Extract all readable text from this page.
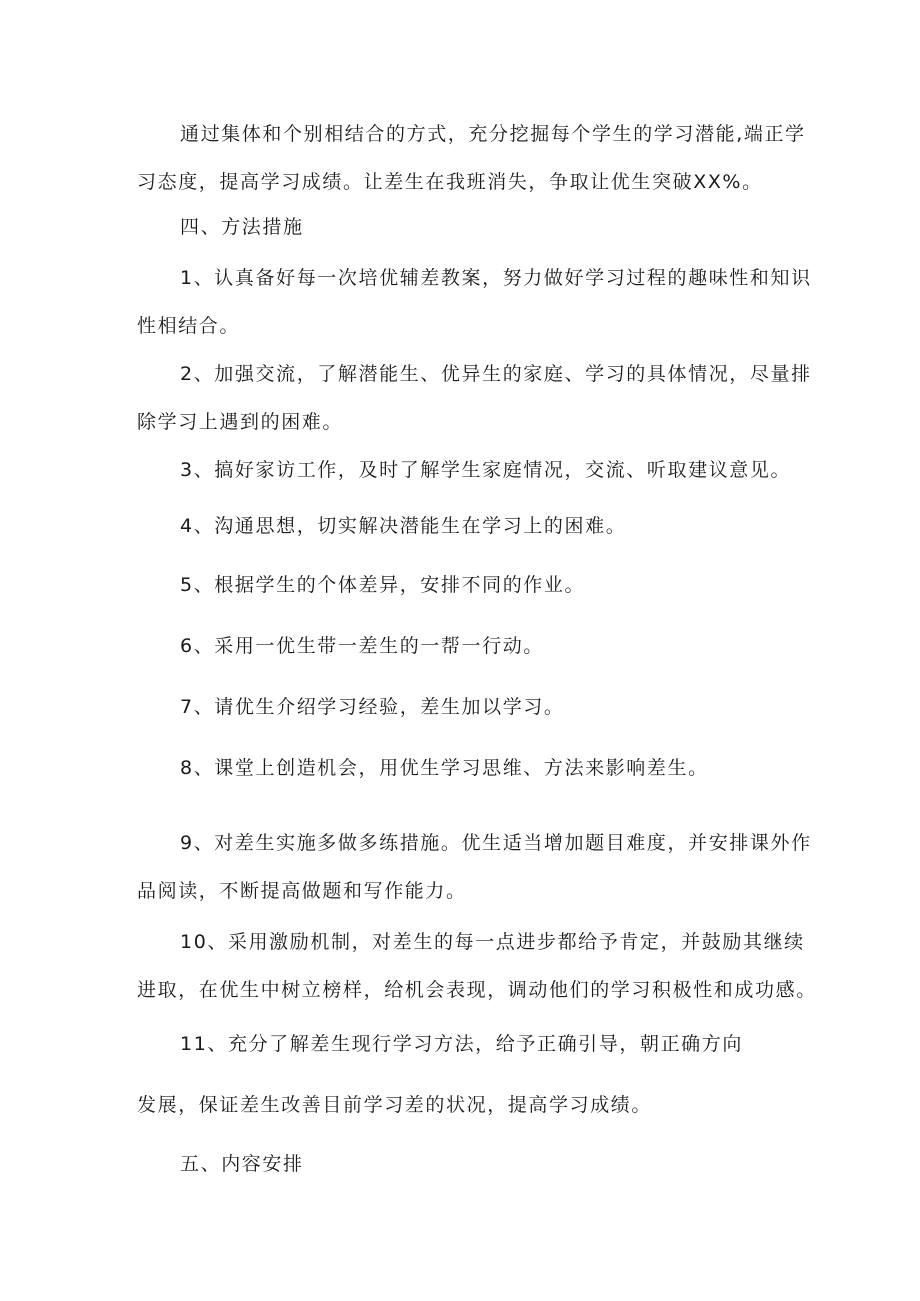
通过集体和个别相结合的方式，充分挖掘每个学生的学习潜能,端正学
习态度，提高学习成绩。让差生在我班消失，争取让优生突破XX%。
四、方法措施
1、认真备好每一次培优辅差教案，努力做好学习过程的趣味性和知识
性相结合。
2、加强交流，了解潜能生、优异生的家庭、学习的具体情况，尽量排
除学习上遇到的困难。
3、搞好家访工作，及时了解学生家庭情况，交流、听取建议意见。
4、沟通思想，切实解决潜能生在学习上的困难。
5、根据学生的个体差异，安排不同的作业。
6、采用一优生带一差生的一帮一行动。
7、请优生介绍学习经验，差生加以学习。
8、课堂上创造机会，用优生学习思维、方法来影响差生。
9、对差生实施多做多练措施。优生适当增加题目难度，并安排课外作
品阅读，不断提高做题和写作能力。
10、采用激励机制，对差生的每一点进步都给予肯定，并鼓励其继续
进取，在优生中树立榜样，给机会表现，调动他们的学习积极性和成功感。
11、充分了解差生现行学习方法，给予正确引导，朝正确方向
发展，保证差生改善目前学习差的状况，提高学习成绩。
五、内容安排
